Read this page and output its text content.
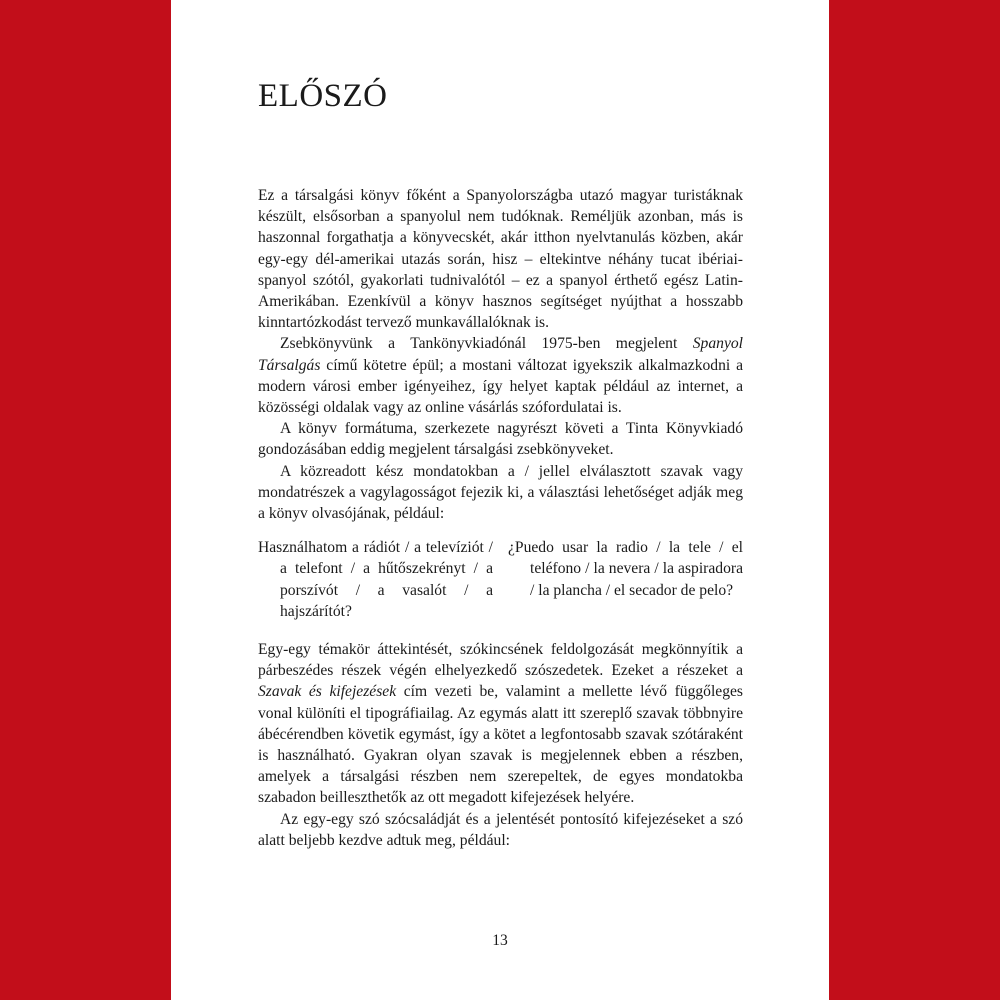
ELŐSZÓ

Ez a társalgási könyv főként a Spanyolországba utazó magyar turistáknak készült, elsősorban a spanyolul nem tudóknak. Reméljük azonban, más is haszonnal forgathatja a könyvecskét, akár itthon nyelvtanulás közben, akár egy-egy dél-amerikai utazás során, hisz – eltekintve néhány tucat ibériai-spanyol szótól, gyakorlati tudnivalótól – ez a spanyol érthető egész Latin-Amerikában. Ezenkívül a könyv hasznos segítséget nyújthat a hosszabb kinntartózkodást tervező munkavállalóknak is.

Zsebkönyvünk a Tankönyvkiadónál 1975-ben megjelent Spanyol Társalgás című kötetre épül; a mostani változat igyekszik alkalmazkodni a modern városi ember igényeihez, így helyet kaptak például az internet, a közösségi oldalak vagy az online vásárlás szófordulatai is.

A könyv formátuma, szerkezete nagyrészt követi a Tinta Könyvkiadó gondozásában eddig megjelent társalgási zsebkönyveket.

A közreadott kész mondatokban a / jellel elválasztott szavak vagy mondatrészek a vagylagosságot fejezik ki, a választási lehetőséget adják meg a könyv olvasójának, például:

Használhatom a rádiót / a televíziót / a telefont / a hűtőszekrényt / a porszívót / a vasalót / a hajszárítót?

¿Puedo usar la radio / la tele / el teléfono / la nevera / la aspiradora / la plancha / el secador de pelo?

Egy-egy témakör áttekintését, szókincsének feldolgozását megkönnyítik a párbeszédes részek végén elhelyezkedő szószedetek. Ezeket a részeket a Szavak és kifejezések cím vezeti be, valamint a mellette lévő függőleges vonal különíti el tipográfiailag. Az egymás alatt itt szereplő szavak többnyire ábécérendben követik egymást, így a kötet a legfontosabb szavak szótáraként is használható. Gyakran olyan szavak is megjelennek ebben a részben, amelyek a társalgási részben nem szerepeltek, de egyes mondatokba szabadon beilleszthetők az ott megadott kifejezések helyére.

Az egy-egy szó szócsaládját és a jelentését pontosító kifejezéseket a szó alatt beljebb kezdve adtuk meg, például:

13
